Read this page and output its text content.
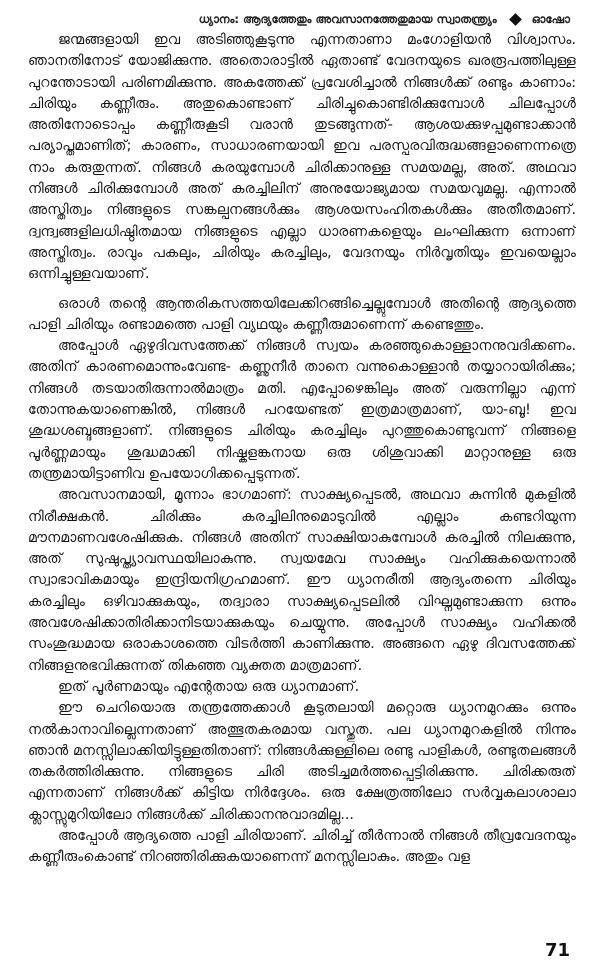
ധ്യാനം: ആദ്യത്തേതും അവസാനത്തേതുമായ സ്വാതന്ത്ര്യം	ഓഷോ

ജന്മങ്ങളായി ഇവ അടിഞ്ഞുകൂടുന്നു എന്നതാണാ മംഗോളിയൻ വിശ്വാസം. ഞാനതിനോട് യോജിക്കുന്നു. അതൊരാട്ടിൽ ഏതാണ്ട് വേദനയുടെ ഖരരൂപത്തിലുള്ള പുറന്തോടായി പരിണമിക്കുന്നു. അകത്തേക്ക് പ്രവേശിച്ചാൽ നിങ്ങൾക്ക് രണ്ടും കാണാം: ചിരിയും കണ്ണീരും. അതുകൊണ്ടാണ് ചിരിച്ചുകൊണ്ടിരിക്കുമ്പോൾ ചിലപ്പോൾ അതിനോടൊപ്പം കണ്ണീരുകൂടി വരാൻ തുടങ്ങുന്നത്- ആശയക്കുഴപ്പമുണ്ടാക്കാൻ പര്യാപ്തമാണിത്; കാരണം, സാധാരണയായി ഇവ പരസ്പരവിരുദ്ധങ്ങളാണെന്നത്രെ നാം കരുതുന്നത്. നിങ്ങൾ കരയുമ്പോൾ ചിരിക്കാനുള്ള സമയമല്ല, അത്. അഥവാ നിങ്ങൾ ചിരിക്കുമ്പോൾ അത് കരച്ചിലിന് അനുയോജ്യമായ സമയവുമല്ല. എന്നാൽ അസ്തിത്വം നിങ്ങളുടെ സങ്കല്പനങ്ങൾക്കും ആശയസംഹിതകൾക്കും അതീതമാണ്. ദ്വന്ദ്വങ്ങളിലധിഷ്ഠിതമായ നിങ്ങളുടെ എല്ലാ ധാരണകളെയും ലംഘിക്കുന്ന ഒന്നാണ് അസ്തിത്വം. രാവും പകലും, ചിരിയും കരച്ചിലും, വേദനയും നിർവൃതിയും ഇവയെല്ലാം ഒന്നിച്ചുള്ളവയാണ്.

ഒരാൾ തന്റെ ആന്തരികസത്തയിലേക്കിറങ്ങിച്ചെല്ലുമ്പോൾ അതിന്റെ ആദ്യത്തെ പാളി ചിരിയും രണ്ടാമത്തെ പാളി വ്യഥയും കണ്ണീരുമാണെന്ന് കണ്ടെത്തും.

അപ്പോൾ ഏഴുദിവസത്തേക്ക് നിങ്ങൾ സ്വയം കരഞ്ഞുകൊള്ളാനനുവദിക്കണം. അതിന് കാരണമൊന്നുംവേണ്ട- കണ്ണുനീർ താനെ വന്നുകൊള്ളാൻ തയ്യാറായിരിക്കും; നിങ്ങൾ തടയാതിരുന്നാൽമാത്രം മതി. എപ്പോഴെങ്കിലും അത് വരുന്നില്ലാ എന്ന് തോന്നുകയാണെങ്കിൽ, നിങ്ങൾ പറയേണ്ടത് ഇത്രമാത്രമാണ്, യാ-ബൂ! ഇവ ശുദ്ധശബ്ദങ്ങളാണ്. നിങ്ങളുടെ ചിരിയും കരച്ചിലും പുറത്തുകൊണ്ടുവന്ന് നിങ്ങളെ പൂർണ്ണമായും ശുദ്ധമാക്കി നിഷ്കളങ്കനായ ഒരു ശിശുവാക്കി മാറ്റാനുള്ള ഒരു തന്ത്രമായിട്ടാണിവ ഉപയോഗിക്കപ്പെടുന്നത്.

അവസാനമായി, മൂന്നാം ഭാഗമാണ്: സാക്ഷ്യപ്പെടൽ, അഥവാ കുന്നിൻ മുകളിൽ നിരീക്ഷകൻ. ചിരിക്കും കരച്ചിലിനുമൊടുവിൽ എല്ലാം കണ്ടറിയുന്ന മൗനമാണവശേഷിക്കുക. നിങ്ങൾ അതിന് സാക്ഷിയാകുമ്പോൾ കരച്ചിൽ നിലക്കുന്നു, അത് സുഷുപ്ത്യാവസ്ഥയിലാകുന്നു. സ്വയമേവ സാക്ഷ്യം വഹിക്കുകയെന്നാൽ സ്വാഭാവികമായും ഇന്ദ്രിയനിഗ്രഹമാണ്. ഈ ധ്യാനരീതി ആദ്യംതന്നെ ചിരിയും കരച്ചിലും ഒഴിവാക്കുകയും, തദ്വാരാ സാക്ഷ്യപ്പെടലിൽ വിഘ്നമുണ്ടാക്കുന്ന ഒന്നും അവശേഷിക്കാതിരിക്കാനിടയാക്കുകയും ചെയ്യുന്നു. അപ്പോൾ സാക്ഷ്യം വഹിക്കൽ സംശുദ്ധമായ ഒരാകാശത്തെ വിടർത്തി കാണിക്കുന്നു. അങ്ങനെ ഏഴു ദിവസത്തേക്ക് നിങ്ങളനുഭവിക്കുന്നത് തികഞ്ഞ വ്യക്തത മാത്രമാണ്.

ഇത് പൂർണമായും എന്റേതായ ഒരു ധ്യാനമാണ്.

ഈ ചെറിയൊരു തന്ത്രത്തേക്കാൾ കൂടുതലായി മറ്റൊരു ധ്യാനമുറക്കും ഒന്നും നൽകാനാവില്ലെന്നതാണ് അത്ഭുതകരമായ വസ്തുത. പല ധ്യാനമുറകളിൽ നിന്നും ഞാൻ മനസ്സിലാക്കിയിട്ടുള്ളതിതാണ്: നിങ്ങൾക്കുള്ളിലെ രണ്ടു പാളികൾ, രണ്ടുതലങ്ങൾ തകർത്തിരിക്കുന്നു. നിങ്ങളുടെ ചിരി അടിച്ചമർത്തപ്പെട്ടിരിക്കുന്നു. ചിരിക്കരുത് എന്നതാണ് നിങ്ങൾക്ക് കിട്ടിയ നിർദ്ദേശം. ഒരു ക്ഷേത്രത്തിലോ സർവ്വകലാശാലാ ക്ലാസ്സുമുറിയിലോ നിങ്ങൾക്ക് ചിരിക്കാനനുവാദമില്ല...

അപ്പോൾ ആദ്യത്തെ പാളി ചിരിയാണ്. ചിരിച്ച് തീർന്നാൽ നിങ്ങൾ തീവ്രവേദനയും കണ്ണീരുംകൊണ്ട് നിറഞ്ഞിരിക്കുകയാണെന്ന് മനസ്സിലാകും. അതും വള

71
